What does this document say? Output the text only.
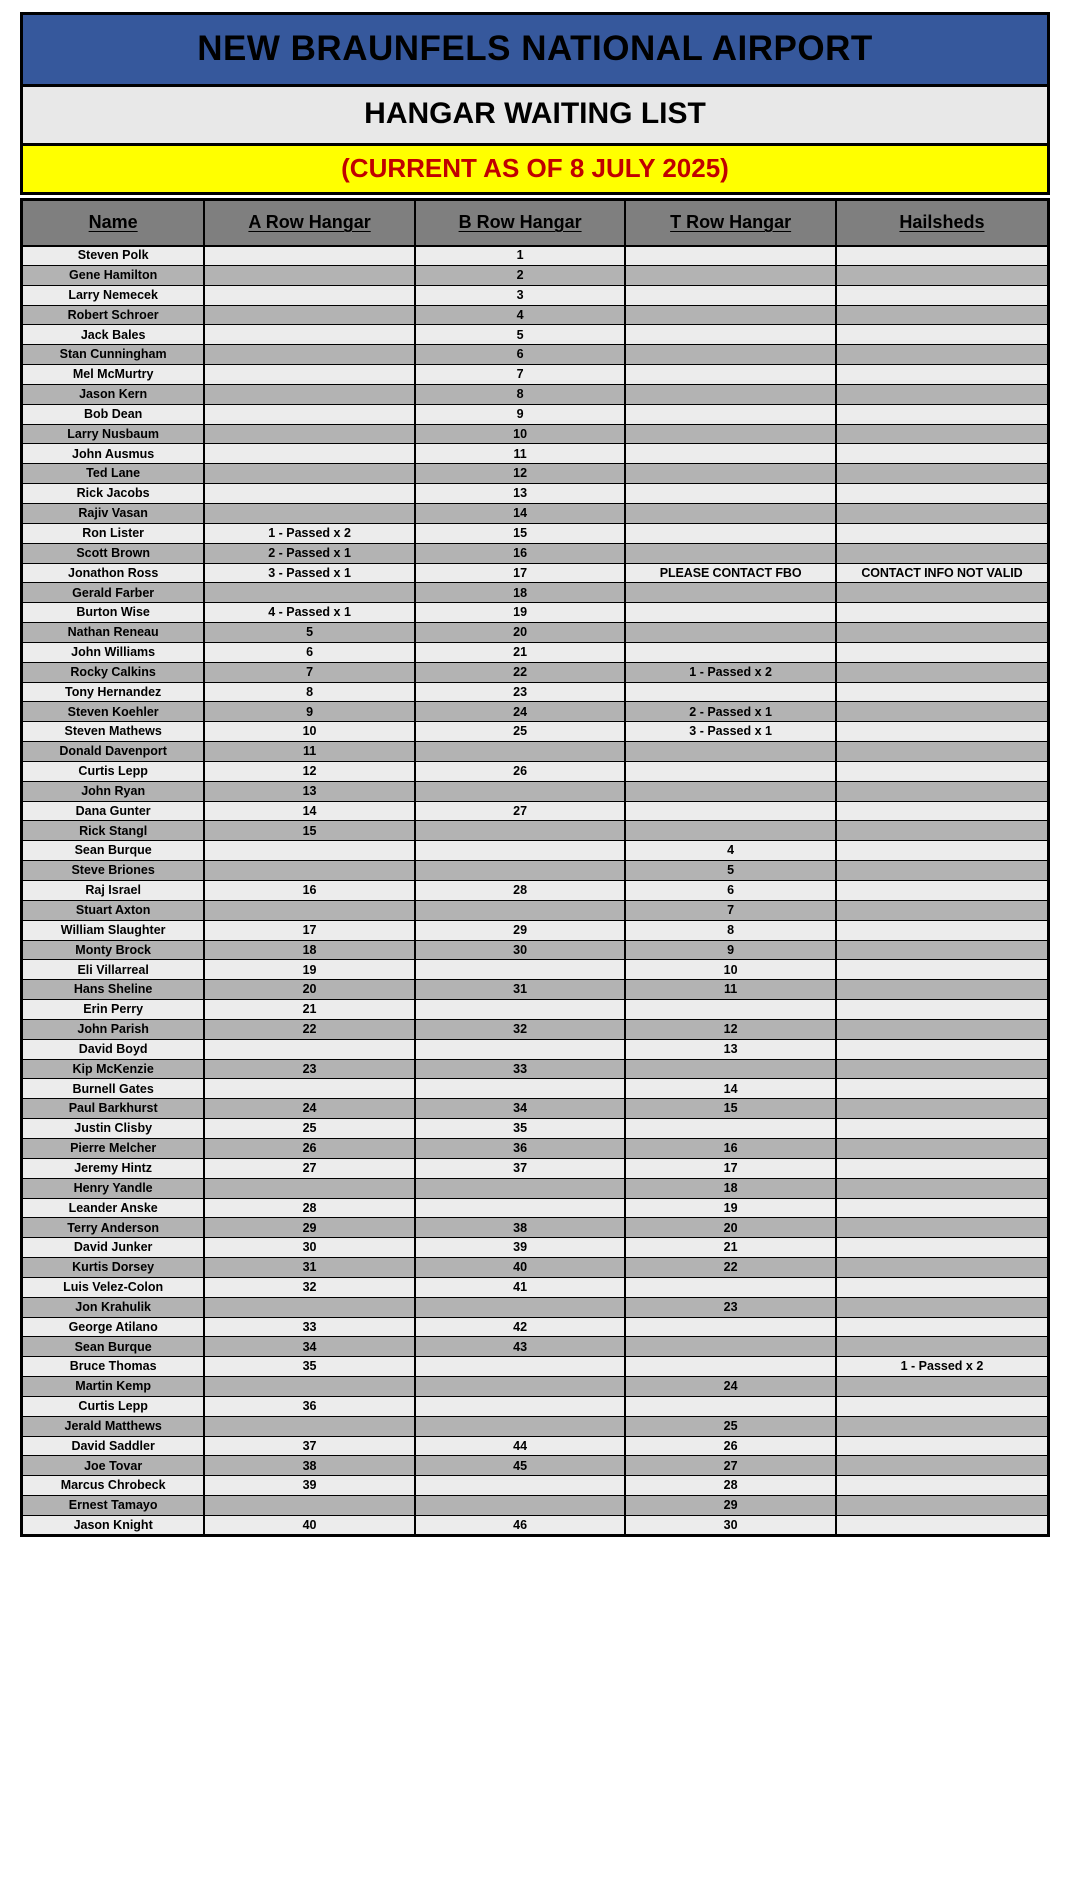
NEW BRAUNFELS NATIONAL AIRPORT
HANGAR WAITING LIST
(CURRENT AS OF 8 JULY 2025)
Name	A Row Hangar	B Row Hangar	T Row Hangar	Hailsheds
Steven Polk		1		
Gene Hamilton		2		
Larry Nemecek		3		
Robert Schroer		4		
Jack Bales		5		
Stan Cunningham		6		
Mel McMurtry		7		
Jason Kern		8		
Bob Dean		9		
Larry Nusbaum		10		
John Ausmus		11		
Ted Lane		12		
Rick Jacobs		13		
Rajiv Vasan		14		
Ron Lister	1 - Passed x 2	15		
Scott Brown	2 - Passed x 1	16		
Jonathon Ross	3 - Passed x 1	17	PLEASE CONTACT FBO	CONTACT INFO NOT VALID
Gerald Farber		18		
Burton Wise	4 - Passed x 1	19		
Nathan Reneau	5	20		
John Williams	6	21		
Rocky Calkins	7	22	1 - Passed x 2	
Tony Hernandez	8	23		
Steven Koehler	9	24	2 - Passed x 1	
Steven Mathews	10	25	3 - Passed x 1	
Donald Davenport	11			
Curtis Lepp	12	26		
John Ryan	13			
Dana Gunter	14	27		
Rick Stangl	15			
Sean Burque			4	
Steve Briones			5	
Raj Israel	16	28	6	
Stuart Axton			7	
William Slaughter	17	29	8	
Monty Brock	18	30	9	
Eli Villarreal	19		10	
Hans Sheline	20	31	11	
Erin Perry	21			
John Parish	22	32	12	
David Boyd			13	
Kip McKenzie	23	33		
Burnell Gates			14	
Paul Barkhurst	24	34	15	
Justin Clisby	25	35		
Pierre Melcher	26	36	16	
Jeremy Hintz	27	37	17	
Henry Yandle			18	
Leander Anske	28		19	
Terry Anderson	29	38	20	
David Junker	30	39	21	
Kurtis Dorsey	31	40	22	
Luis Velez-Colon	32	41		
Jon Krahulik			23	
George Atilano	33	42		
Sean Burque	34	43		
Bruce Thomas	35			1 - Passed x 2
Martin Kemp			24	
Curtis Lepp	36			
Jerald Matthews			25	
David Saddler	37	44	26	
Joe Tovar	38	45	27	
Marcus Chrobeck	39		28	
Ernest Tamayo			29	
Jason Knight	40	46	30	
